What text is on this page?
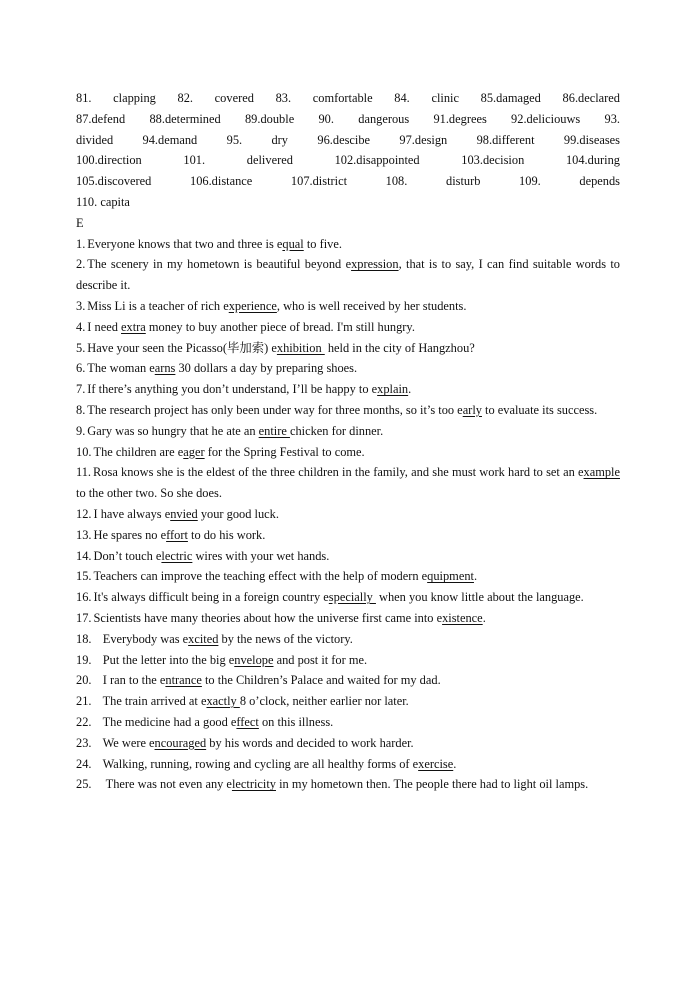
81. clapping 82. covered 83. comfortable 84. clinic 85.damaged 86.declared

87.defend 88.determined 89.double 90. dangerous 91.degrees 92.deliciouws 93.

divided 94.demand 95. dry 96.descibe 97.design 98.different 99.diseases

100.direction 101. delivered 102.disappointed 103.decision 104.during

105.discovered 106.distance 107.district 108. disturb 109. depends

110. capita

E

1. Everyone knows that two and three is equal to five.

2. The scenery in my hometown is beautiful beyond expression, that is to say, I can find suitable words to describe it.

3. Miss Li is a teacher of rich experience, who is well received by her students.

4. I need extra money to buy another piece of bread. I'm still hungry.

5. Have your seen the Picasso(毕加索) exhibition  held in the city of Hangzhou?

6. The woman earns 30 dollars a day by preparing shoes.

7. If there’s anything you don’t understand, I’ll be happy to explain.

8. The research project has only been under way for three months, so it’s too early to evaluate its success.

9. Gary was so hungry that he ate an entire chicken for dinner.

10. The children are eager for the Spring Festival to come.

11. Rosa knows she is the eldest of the three children in the family, and she must work hard to set an example to the other two. So she does.

12. I have always envied your good luck.

13. He spares no effort to do his work.

14. Don’t touch electric wires with your wet hands.

15. Teachers can improve the teaching effect with the help of modern equipment.

16. It's always difficult being in a foreign country especially  when you know little about the language.

17. Scientists have many theories about how the universe first came into existence.

18.   Everybody was excited by the news of the victory.

19.   Put the letter into the big envelope and post it for me.

20.   I ran to the entrance to the Children’s Palace and waited for my dad.

21.   The train arrived at exactly 8 o’clock, neither earlier nor later.

22.   The medicine had a good effect on this illness.

23.   We were encouraged by his words and decided to work harder.

24.   Walking, running, rowing and cycling are all healthy forms of exercise.

25.    There was not even any electricity in my hometown then. The people there had to light oil lamps.
